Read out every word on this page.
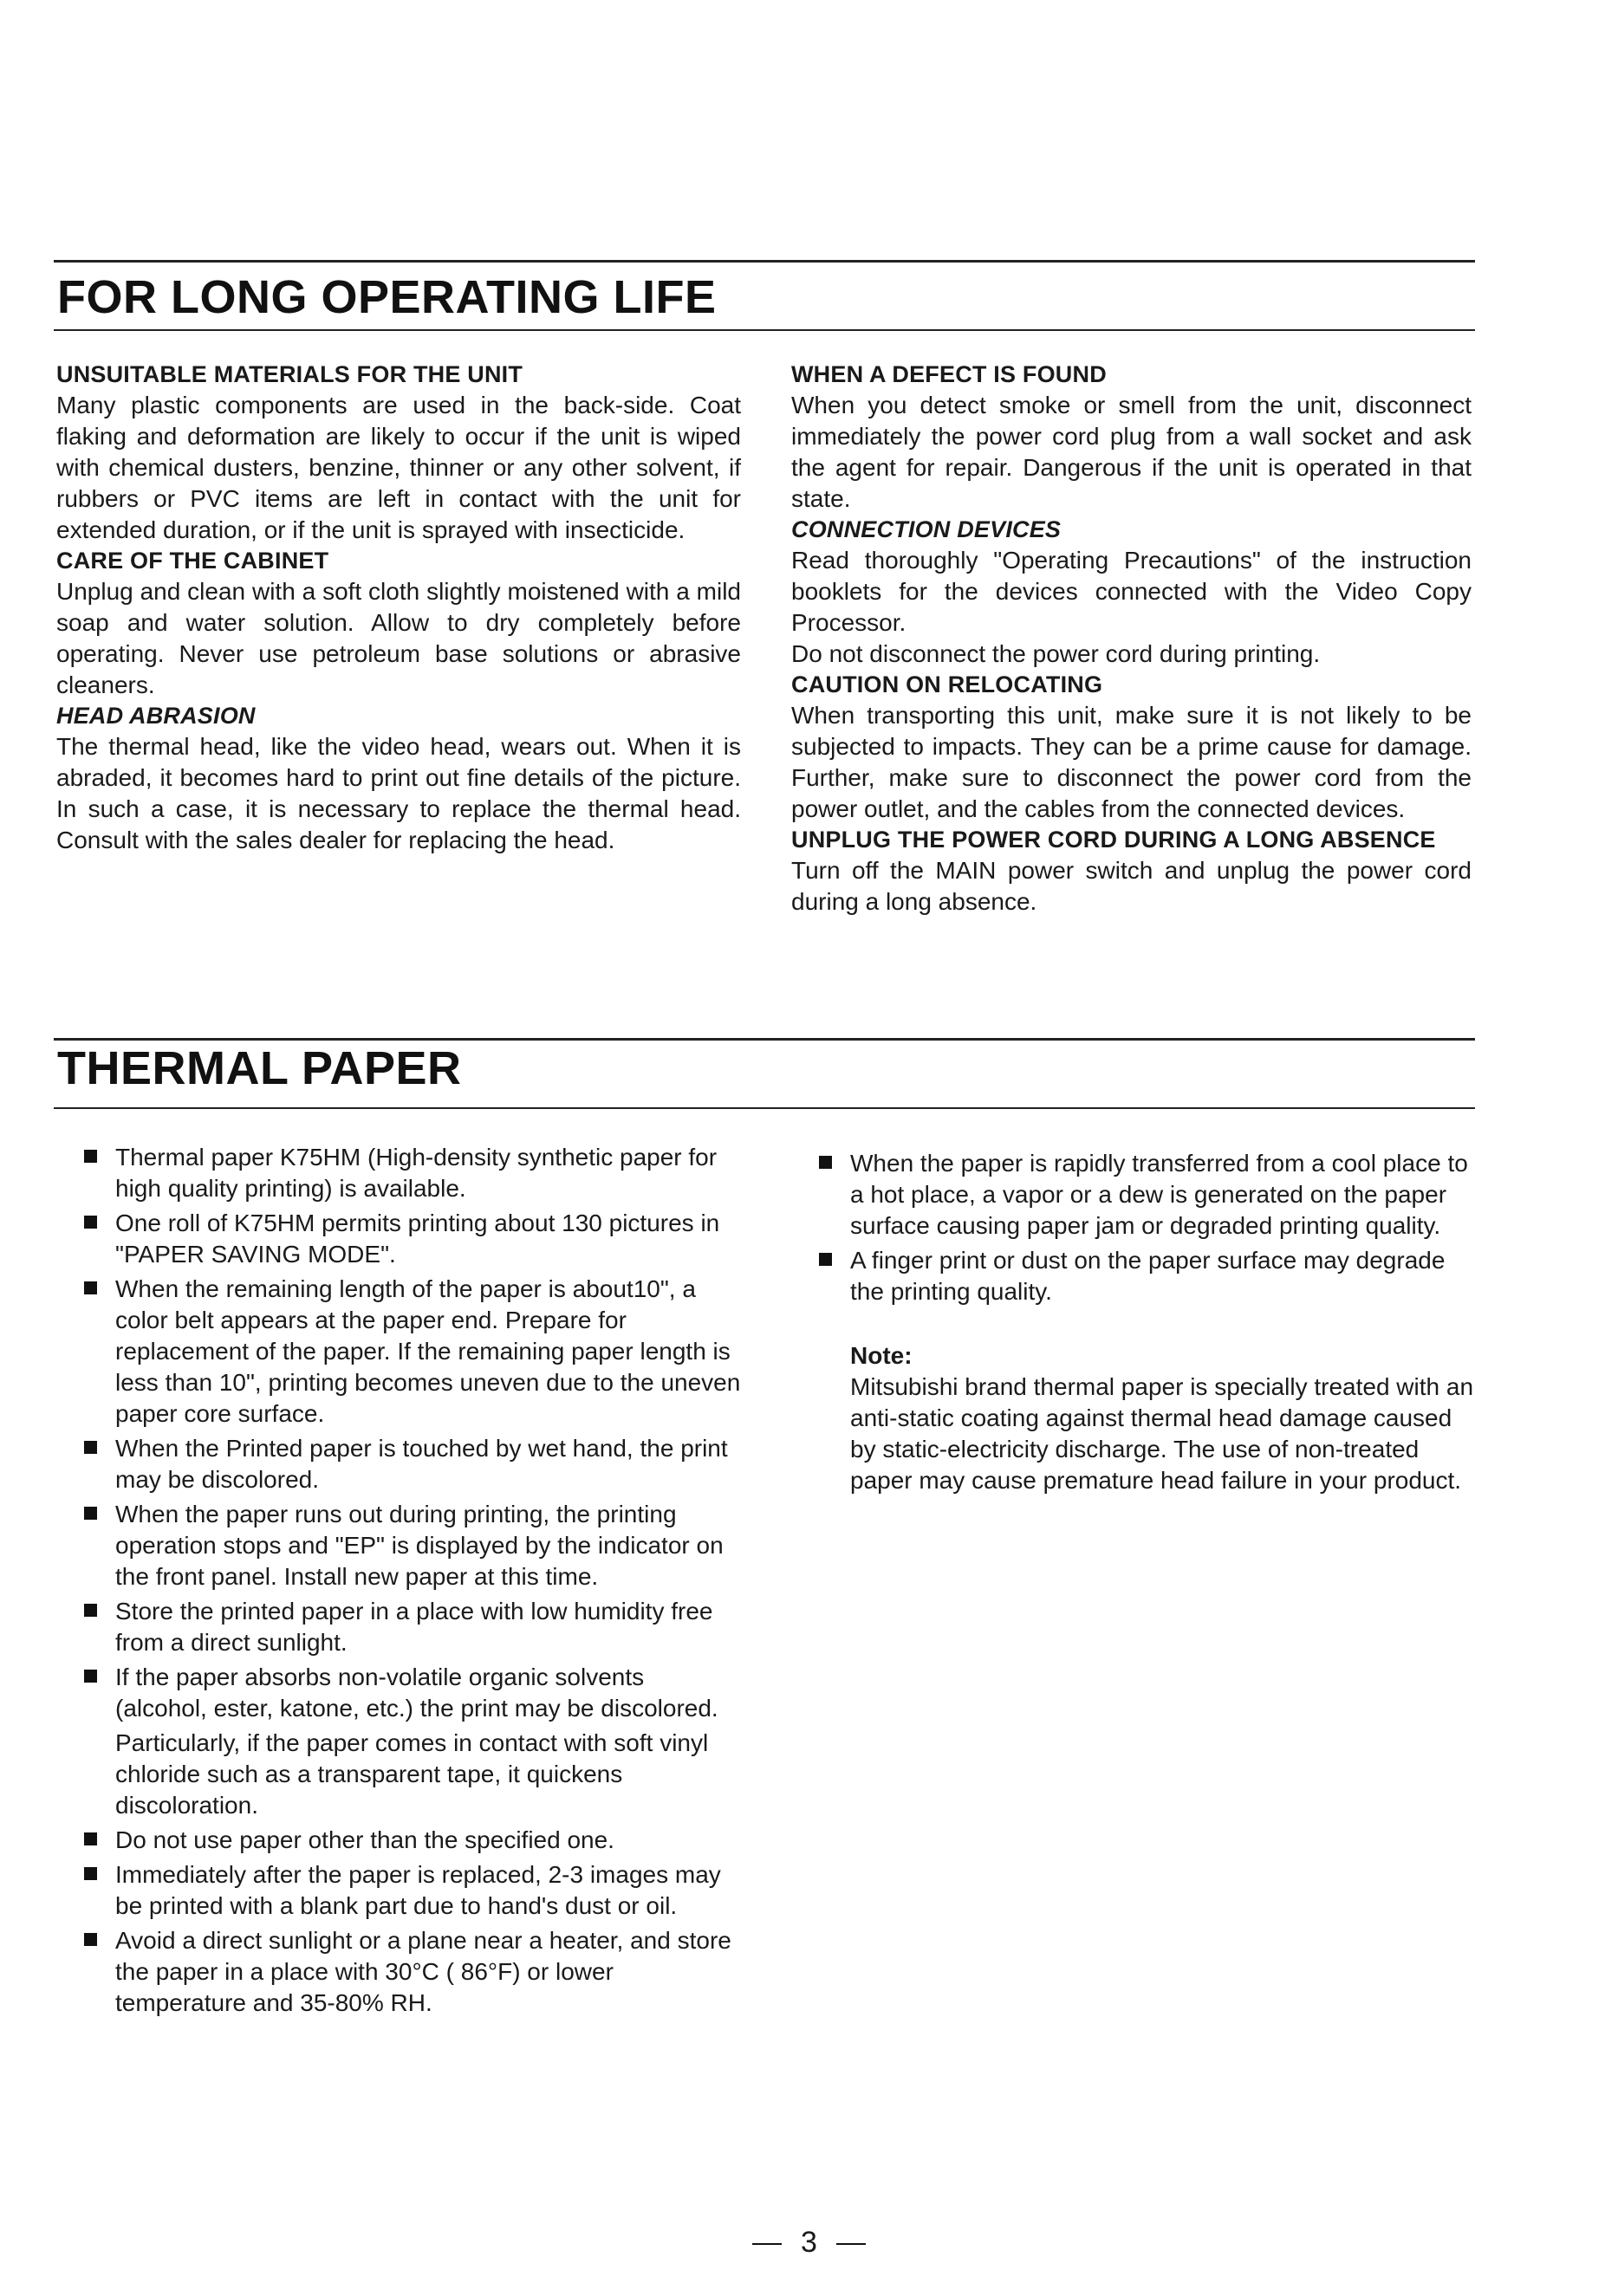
FOR LONG OPERATING LIFE

UNSUITABLE MATERIALS FOR THE UNIT

Many plastic components are used in the back-side. Coat flaking and deformation are likely to occur if the unit is wiped with chemical dusters, benzine, thinner or any other solvent, if rubbers or PVC items are left in contact with the unit for extended duration, or if the unit is sprayed with insecticide.

CARE OF THE CABINET

Unplug and clean with a soft cloth slightly moistened with a mild soap and water solution. Allow to dry completely before operating. Never use petroleum base solutions or abrasive cleaners.

HEAD ABRASION

The thermal head, like the video head, wears out. When it is abraded, it becomes hard to print out fine details of the picture. In such a case, it is necessary to replace the thermal head. Consult with the sales dealer for replacing the head.

WHEN A DEFECT IS FOUND

When you detect smoke or smell from the unit, disconnect immediately the power cord plug from a wall socket and ask the agent for repair. Dangerous if the unit is operated in that state.

CONNECTION DEVICES

Read thoroughly "Operating Precautions" of the instruction booklets for the devices connected with the Video Copy Processor.

Do not disconnect the power cord during printing.

CAUTION ON RELOCATING

When transporting this unit, make sure it is not likely to be subjected to impacts. They can be a prime cause for damage. Further, make sure to disconnect the power cord from the power outlet, and the cables from the connected devices.

UNPLUG THE POWER CORD DURING A LONG ABSENCE

Turn off the MAIN power switch and unplug the power cord during a long absence.

THERMAL PAPER
Thermal paper K75HM (High-density synthetic paper for high quality printing) is available.
One roll of K75HM permits printing about 130 pictures in "PAPER SAVING MODE".
When the remaining length of the paper is about10", a color belt appears at the paper end. Prepare for replacement of the paper. If the remaining paper length is less than 10", printing becomes uneven due to the uneven paper core surface.
When the Printed paper is touched by wet hand, the print may be discolored.
When the paper runs out during printing, the printing operation stops and "EP" is displayed by the indicator on the front panel. Install new paper at this time.
Store the printed paper in a place with low humidity free from a direct sunlight.
If the paper absorbs non-volatile organic solvents (alcohol, ester, katone, etc.) the print may be discolored.
Particularly, if the paper comes in contact with soft vinyl chloride such as a transparent tape, it quickens discoloration.
Do not use paper other than the specified one.
Immediately after the paper is replaced, 2-3 images may be printed with a blank part due to hand's dust or oil.
Avoid a direct sunlight or a plane near a heater, and store the paper in a place with 30°C ( 86°F) or lower temperature and 35-80% RH.
When the paper is rapidly transferred from a cool place to a hot place, a vapor or a dew is generated on the paper surface causing paper jam or degraded printing quality.
A finger print or dust on the paper surface may degrade the printing quality.

Note:

Mitsubishi brand thermal paper is specially treated with an anti-static coating against thermal head damage caused by static-electricity discharge. The use of non-treated paper may cause premature head failure in your product.

3
